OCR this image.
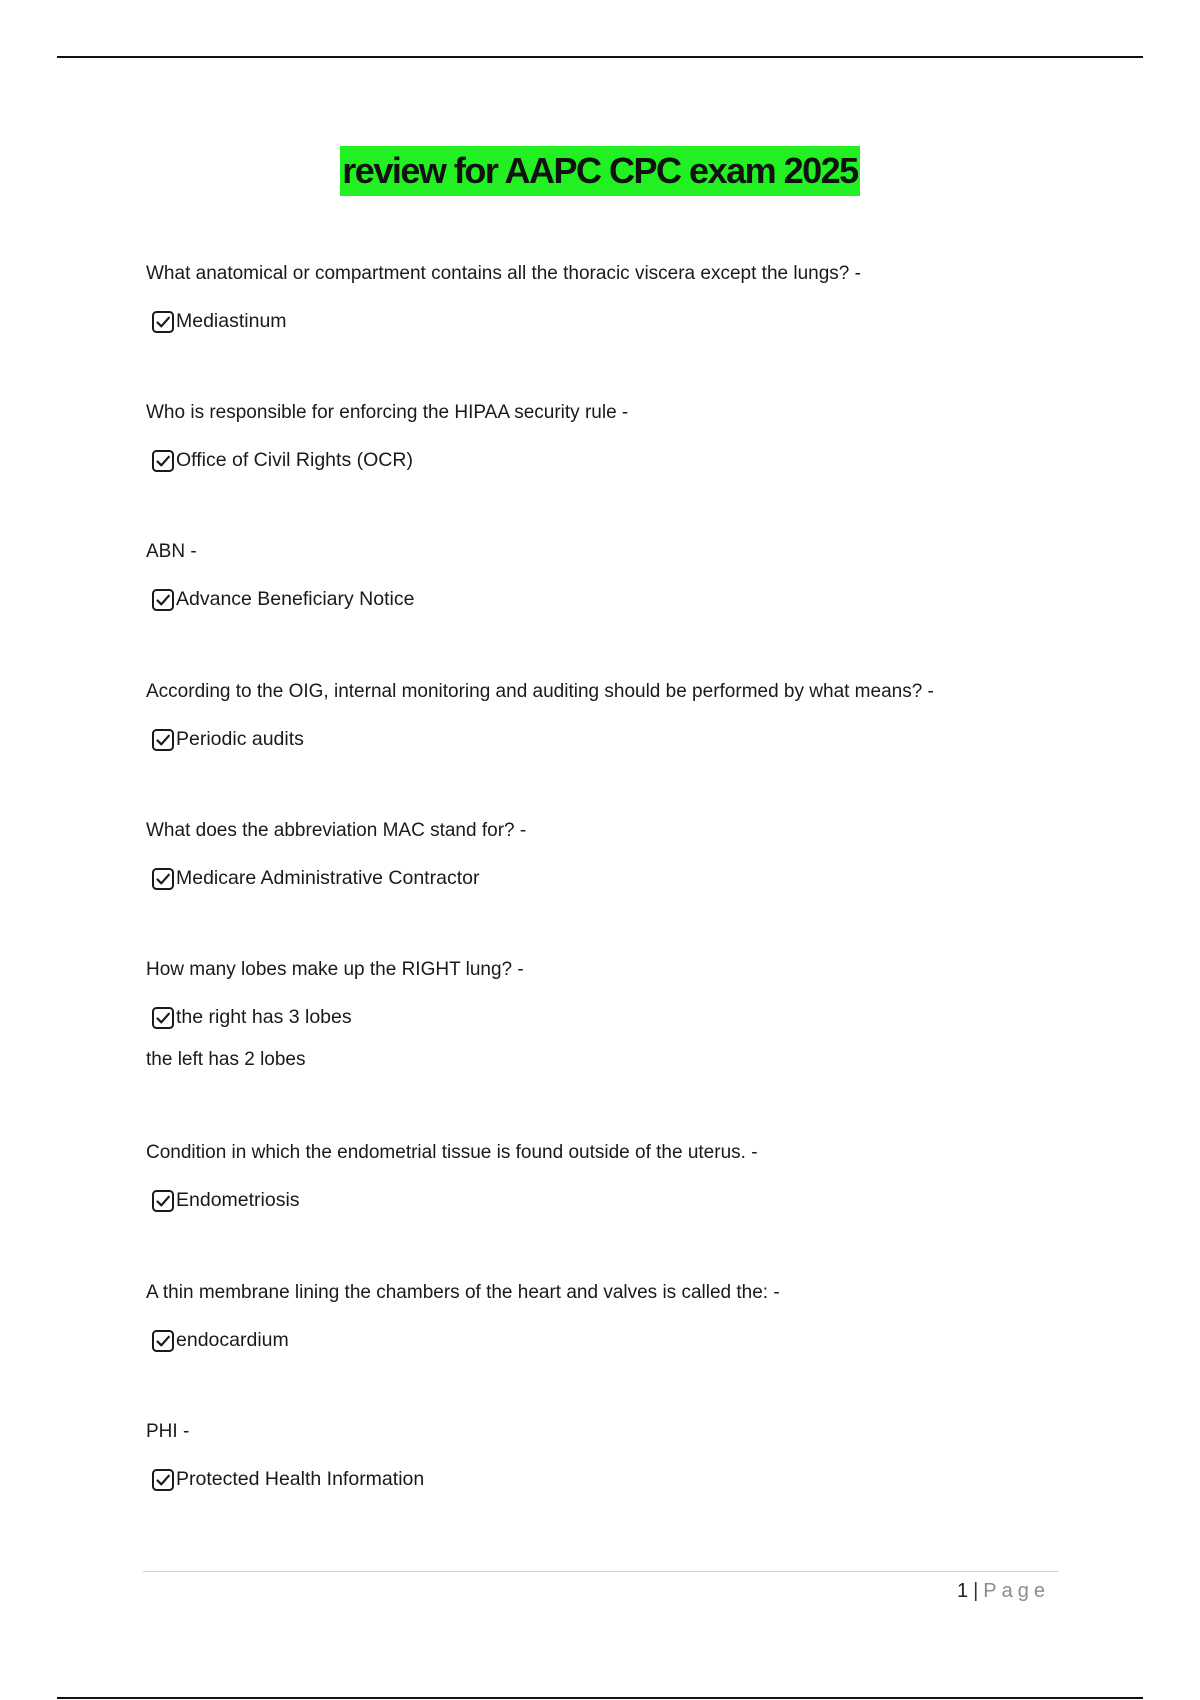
review for AAPC CPC exam 2025
What anatomical or compartment contains all the thoracic viscera except the lungs? -
Mediastinum
Who is responsible for enforcing the HIPAA security rule -
Office of Civil Rights (OCR)
ABN -
Advance Beneficiary Notice
According to the OIG, internal monitoring and auditing should be performed by what means? -
Periodic audits
What does the abbreviation MAC stand for? -
Medicare Administrative Contractor
How many lobes make up the RIGHT lung? -
the right has 3 lobes
the left has 2 lobes
Condition in which the endometrial tissue is found outside of the uterus. -
Endometriosis
A thin membrane lining the chambers of the heart and valves is called the: -
endocardium
PHI -
Protected Health Information
1 | Page
